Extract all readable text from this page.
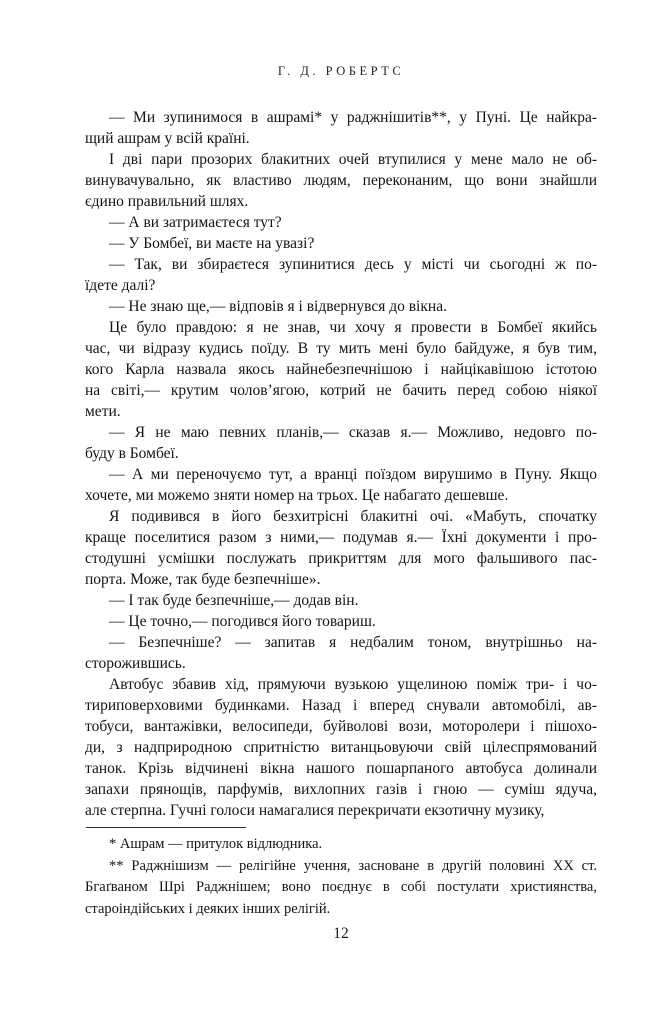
Г. Д. РОБЕРТС
— Ми зупинимося в ашрамі* у раджнішитів**, у Пуні. Це найкра-
щий ашрам у всій країні.
І дві пари прозорих блакитних очей втупилися у мене мало не об-
винувачувально, як властиво людям, переконаним, що вони знайшли
єдино правильний шлях.
— А ви затримаєтеся тут?
— У Бомбеї, ви маєте на увазі?
— Так, ви збираєтеся зупинитися десь у місті чи сьогодні ж по-
їдете далі?
— Не знаю ще,— відповів я і відвернувся до вікна.
Це було правдою: я не знав, чи хочу я провести в Бомбеї якийсь
час, чи відразу кудись поїду. В ту мить мені було байдуже, я був тим,
кого Карла назвала якось найнебезпечнішою і найцікавішою істотою
на світі,— крутим чолов’ягою, котрий не бачить перед собою ніякої
мети.
— Я не маю певних планів,— сказав я.— Можливо, недовго по-
буду в Бомбеї.
— А ми переночуємо тут, а вранці поїздом вирушимо в Пуну. Якщо
хочете, ми можемо зняти номер на трьох. Це набагато дешевше.
Я подивився в його безхитрісні блакитні очі. «Мабуть, спочатку
краще поселитися разом з ними,— подумав я.— Їхні документи і про-
стодушні усмішки послужать прикриттям для мого фальшивого пас-
порта. Може, так буде безпечніше».
— І так буде безпечніше,— додав він.
— Це точно,— погодився його товариш.
— Безпечніше? — запитав я недбалим тоном, внутрішньо на-
сторожившись.
Автобус збавив хід, прямуючи вузькою ущелиною поміж три- і чо-
тириповерховими будинками. Назад і вперед снували автомобілі, ав-
тобуси, вантажівки, велосипеди, буйволові вози, моторолери і пішохо-
ди, з надприродною спритністю витанцьовуючи свій цілеспрямований
танок. Крізь відчинені вікна нашого пошарпаного автобуса долинали
запахи прянощів, парфумів, вихлопних газів і гною — суміш ядуча,
але стерпна. Гучні голоси намагалися перекричати екзотичну музику,
* Ашрам — притулок відлюдника.
** Раджнішизм — релігійне учення, засноване в другій половині XX ст.
Бгаґваном Шрі Раджнішем; воно поєднує в собі постулати християнства,
староіндійських і деяких інших релігій.
12
